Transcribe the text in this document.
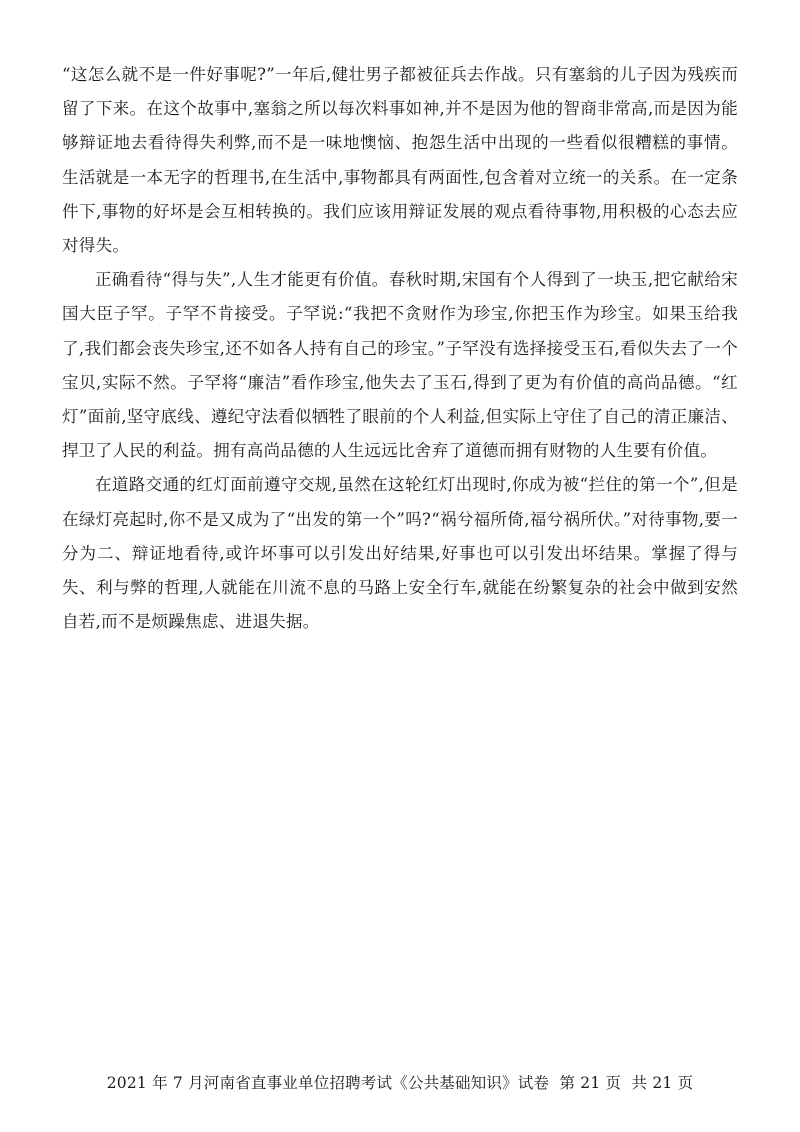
“这怎么就不是一件好事呢?”一年后,健壮男子都被征兵去作战。只有塞翁的儿子因为残疾而留了下来。在这个故事中,塞翁之所以每次料事如神,并不是因为他的智商非常高,而是因为能够辩证地去看待得失利弊,而不是一味地懊恼、抱怨生活中出现的一些看似很糟糕的事情。生活就是一本无字的哲理书,在生活中,事物都具有两面性,包含着对立统一的关系。在一定条件下,事物的好坏是会互相转换的。我们应该用辩证发展的观点看待事物,用积极的心态去应对得失。

正确看待“得与失”,人生才能更有价值。春秋时期,宋国有个人得到了一块玉,把它献给宋国大臣子罕。子罕不肯接受。子罕说:“我把不贪财作为珍宝,你把玉作为珍宝。如果玉给我了,我们都会丧失珍宝,还不如各人持有自己的珍宝。”子罕没有选择接受玉石,看似失去了一个宝贝,实际不然。子罕将“廉洁”看作珍宝,他失去了玉石,得到了更为有价值的高尚品德。“红灯”面前,坚守底线、遵纪守法看似牺牲了眼前的个人利益,但实际上守住了自己的清正廉洁、捍卫了人民的利益。拥有高尚品德的人生远远比舍弃了道德而拥有财物的人生要有价值。

在道路交通的红灯面前遵守交规,虽然在这轮红灯出现时,你成为被“拦住的第一个”,但是在绿灯亮起时,你不是又成为了“出发的第一个”吗?“祸兮福所倚,福兮祸所伏。”对待事物,要一分为二、辩证地看待,或许坏事可以引发出好结果,好事也可以引发出坏结果。掌握了得与失、利与弊的哲理,人就能在川流不息的马路上安全行车,就能在纷繁复杂的社会中做到安然自若,而不是烦躁焦虑、进退失据。

2021 年 7 月河南省直事业单位招聘考试《公共基础知识》试卷  第 21 页  共 21 页
